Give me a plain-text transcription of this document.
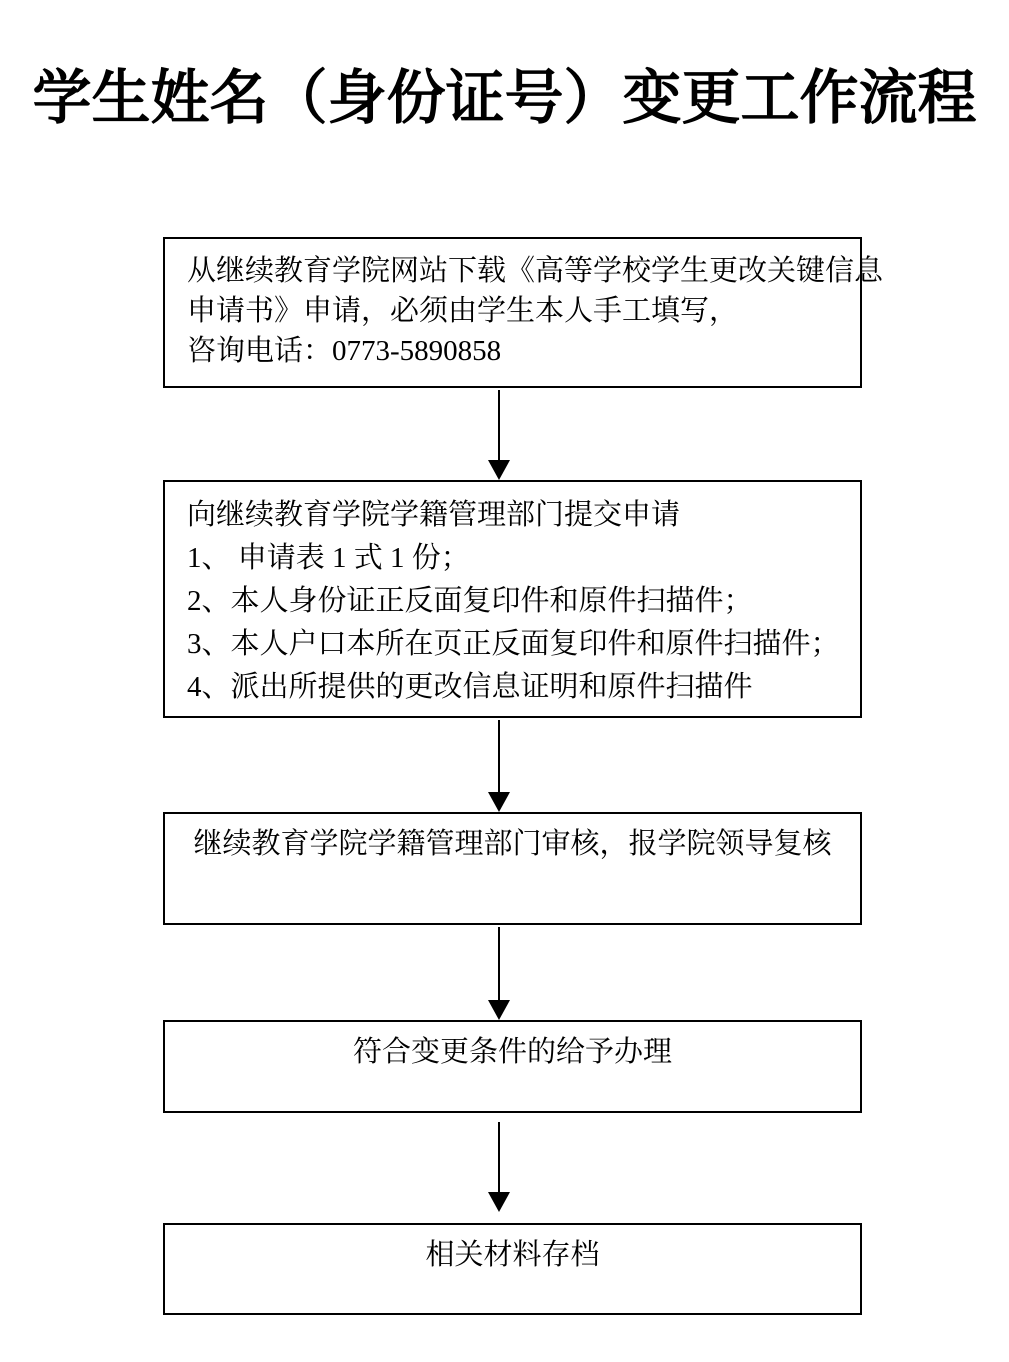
学生姓名（身份证号）变更工作流程
从继续教育学院网站下载《高等学校学生更改关键信息
申请书》申请，必须由学生本人手工填写，
咨询电话：0773-5890858
向继续教育学院学籍管理部门提交申请
1、 申请表 1 式 1 份；
2、本人身份证正反面复印件和原件扫描件；
3、本人户口本所在页正反面复印件和原件扫描件；
4、派出所提供的更改信息证明和原件扫描件
继续教育学院学籍管理部门审核，报学院领导复核
符合变更条件的给予办理
相关材料存档
